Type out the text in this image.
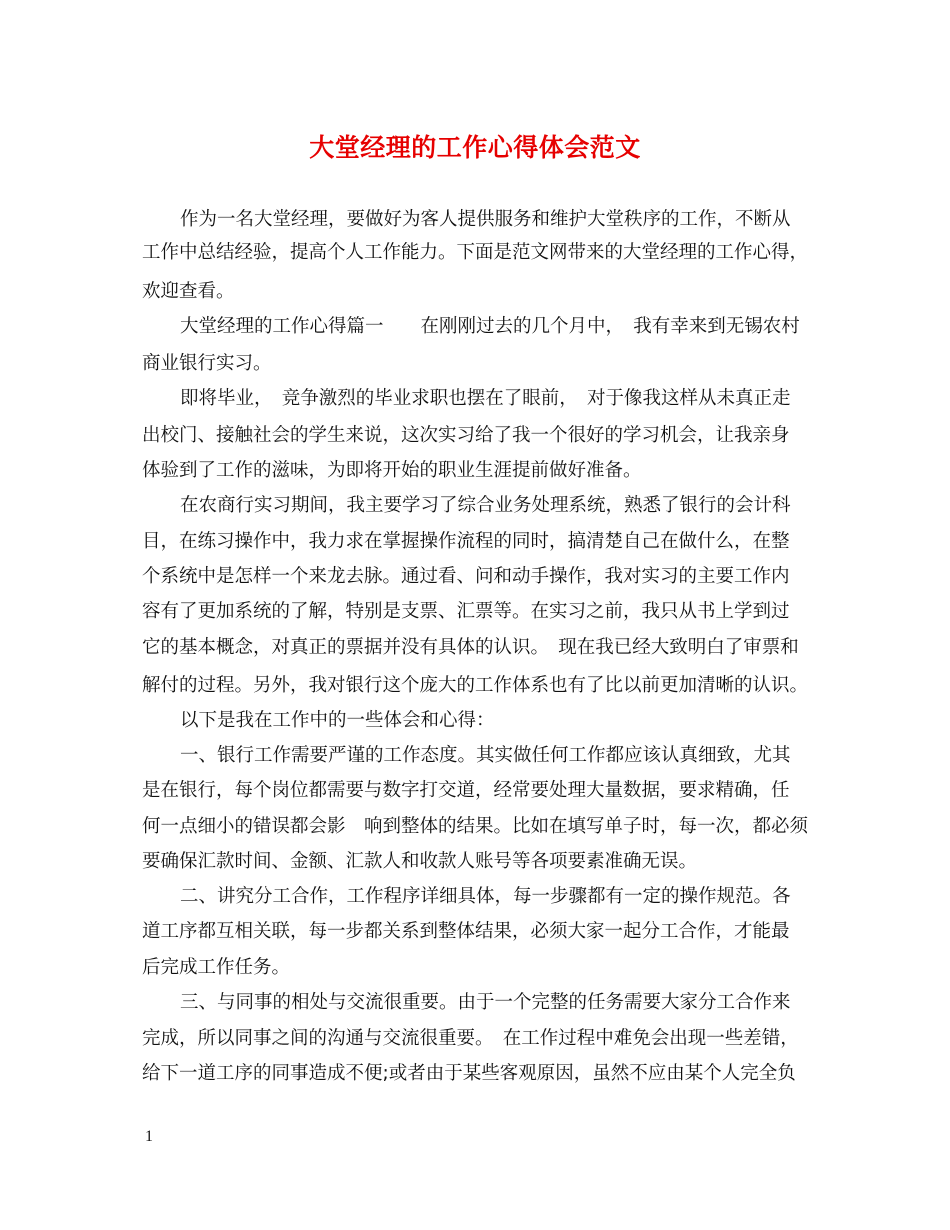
大堂经理的工作心得体会范文
作为一名大堂经理，要做好为客人提供服务和维护大堂秩序的工作，不断从
工作中总结经验，提高个人工作能力。下面是范文网带来的大堂经理的工作心得，
欢迎查看。
大堂经理的工作心得篇一　　在刚刚过去的几个月中，　我有幸来到无锡农村
商业银行实习。
即将毕业，　竞争激烈的毕业求职也摆在了眼前，　对于像我这样从未真正走
出校门、接触社会的学生来说，这次实习给了我一个很好的学习机会，让我亲身
体验到了工作的滋味，为即将开始的职业生涯提前做好准备。
在农商行实习期间，我主要学习了综合业务处理系统，熟悉了银行的会计科
目，在练习操作中，我力求在掌握操作流程的同时，搞清楚自己在做什么，在整
个系统中是怎样一个来龙去脉。通过看、问和动手操作，我对实习的主要工作内
容有了更加系统的了解，特别是支票、汇票等。在实习之前，我只从书上学到过
它的基本概念，对真正的票据并没有具体的认识。　现在我已经大致明白了审票和
解付的过程。另外，我对银行这个庞大的工作体系也有了比以前更加清晰的认识。
以下是我在工作中的一些体会和心得：
一、银行工作需要严谨的工作态度。其实做任何工作都应该认真细致，尤其
是在银行，每个岗位都需要与数字打交道，经常要处理大量数据，要求精确，任
何一点细小的错误都会影　响到整体的结果。比如在填写单子时，每一次，都必须
要确保汇款时间、金额、汇款人和收款人账号等各项要素准确无误。
二、讲究分工合作，工作程序详细具体，每一步骤都有一定的操作规范。各
道工序都互相关联，每一步都关系到整体结果，必须大家一起分工合作，才能最
后完成工作任务。
三、与同事的相处与交流很重要。由于一个完整的任务需要大家分工合作来
完成，所以同事之间的沟通与交流很重要。　在工作过程中难免会出现一些差错，
给下一道工序的同事造成不便;或者由于某些客观原因，虽然不应由某个人完全负
1
